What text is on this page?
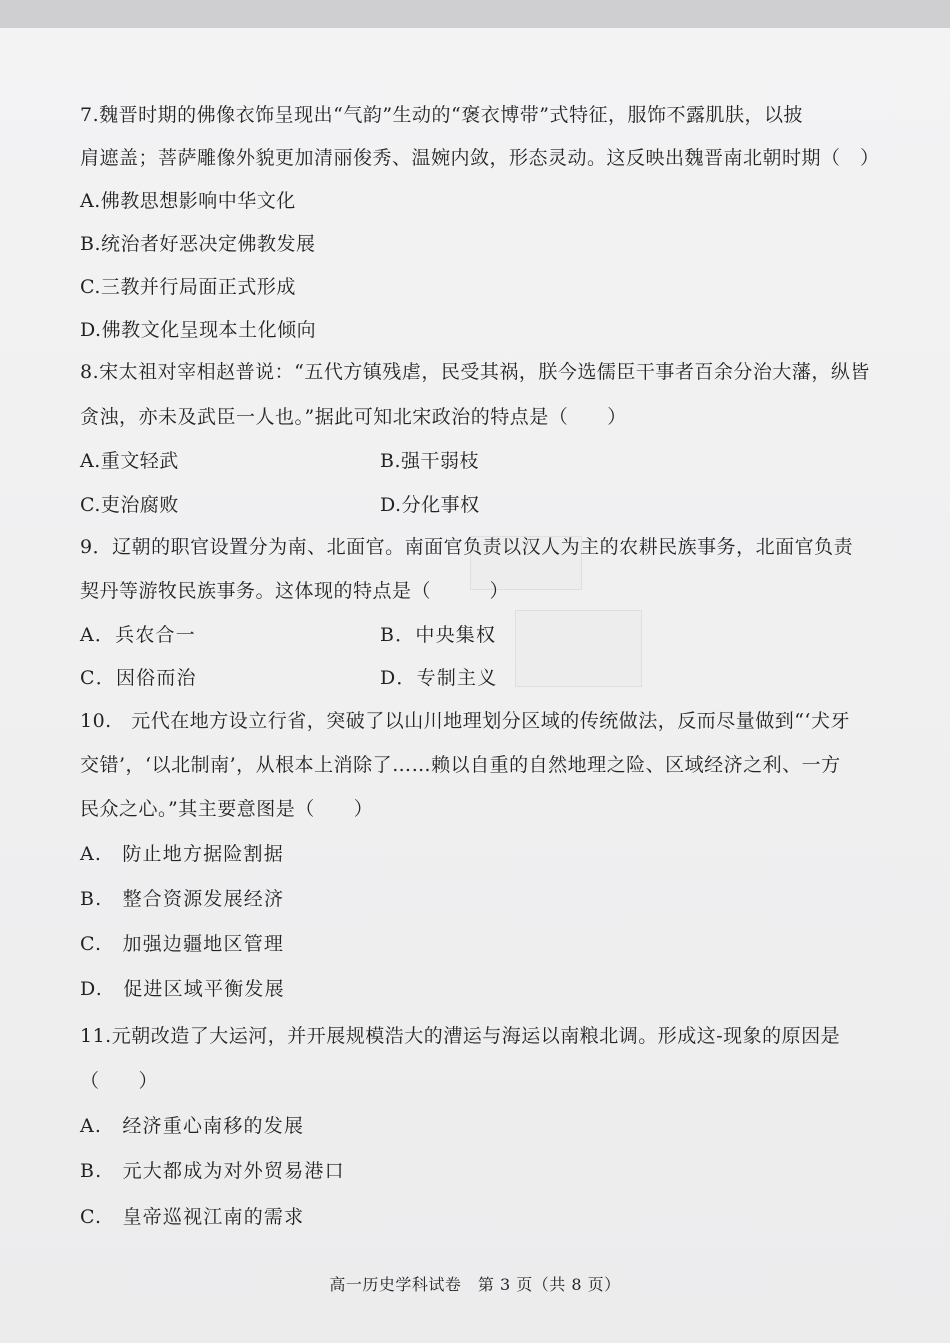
7.魏晋时期的佛像衣饰呈现出“气韵”生动的“褒衣博带”式特征，服饰不露肌肤，以披
肩遮盖；菩萨雕像外貌更加清丽俊秀、温婉内敛，形态灵动。这反映出魏晋南北朝时期（　）
A.佛教思想影响中华文化
B.统治者好恶决定佛教发展
C.三教并行局面正式形成
D.佛教文化呈现本土化倾向
8.宋太祖对宰相赵普说：“五代方镇残虐，民受其祸，朕今选儒臣干事者百余分治大藩，纵皆
贪浊，亦未及武臣一人也。”据此可知北宋政治的特点是（　　）
A.重文轻武	B.强干弱枝
C.吏治腐败	D.分化事权
9．辽朝的职官设置分为南、北面官。南面官负责以汉人为主的农耕民族事务，北面官负责
契丹等游牧民族事务。这体现的特点是（　　　）
A．兵农合一	B．中央集权
C．因俗而治	D．专制主义
10.　元代在地方设立行省，突破了以山川地理划分区域的传统做法，反而尽量做到“‘犬牙
交错’，‘以北制南’，从根本上消除了……赖以自重的自然地理之险、区域经济之利、一方
民众之心。”其主要意图是（　　）
A.　防止地方据险割据
B.　整合资源发展经济
C.　加强边疆地区管理
D.　促进区域平衡发展
11.元朝改造了大运河，并开展规模浩大的漕运与海运以南粮北调。形成这-现象的原因是
（　　）
A.　经济重心南移的发展
B.　元大都成为对外贸易港口
C.　皇帝巡视江南的需求
高一历史学科试卷　第 3 页（共 8 页）
